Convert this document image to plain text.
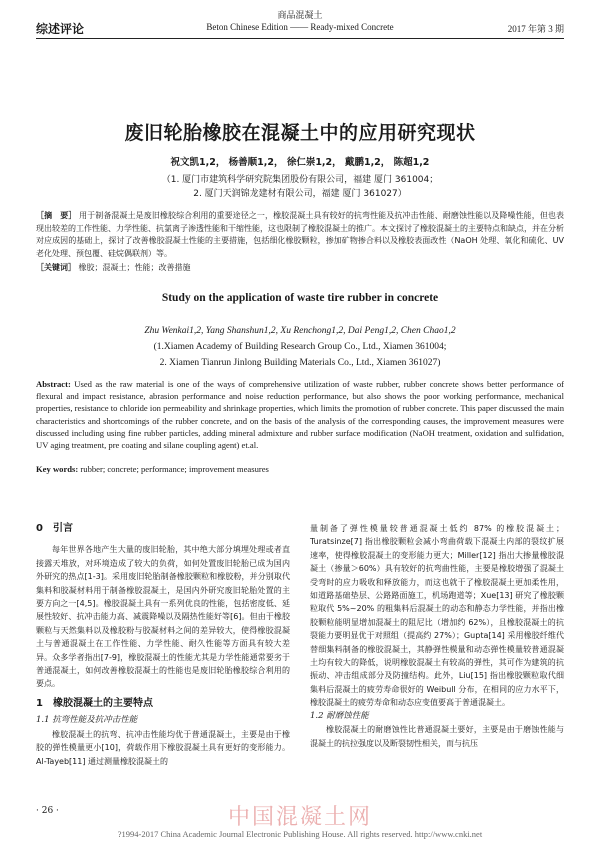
商品混凝土
综述评论	Beton Chinese Edition —— Ready-mixed Concrete	2017 年第 3 期
废旧轮胎橡胶在混凝土中的应用研究现状
祝文凯1,2， 杨善顺1,2， 徐仁崇1,2， 戴鹏1,2， 陈超1,2
（1. 厦门市建筑科学研究院集团股份有限公司，福建 厦门 361004；
2. 厦门天润锦龙建材有限公司，福建 厦门 361027）
［摘　要］ 用于制备混凝土是废旧橡胶综合利用的重要途径之一，橡胶混凝土具有较好的抗弯性能及抗冲击性能、耐磨蚀性能以及降噪性能，但也表现出较差的工作性能、力学性能、抗氯离子渗透性能和干缩性能，这也限制了橡胶混凝土的推广。本文探讨了橡胶混凝土的主要特点和缺点，并在分析对应成因的基础上，探讨了改善橡胶混凝土性能的主要措施，包括细化橡胶颗粒，掺加矿物掺合料以及橡胶表面改性（NaOH 处理、氧化和硫化、UV 老化处理、预包覆、硅烷偶联剂）等。
［关键词］ 橡胶；混凝土；性能；改善措施
Study on the application of waste tire rubber in concrete
Zhu Wenkai1,2, Yang Shanshun1,2, Xu Renchong1,2, Dai Peng1,2, Chen Chao1,2
(1.Xiamen Academy of Building Research Group Co., Ltd., Xiamen 361004;
2. Xiamen Tianrun Jinlong Building Materials Co., Ltd., Xiamen 361027)
Abstract: Used as the raw material is one of the ways of comprehensive utilization of waste rubber, rubber concrete shows better performance of flexural and impact resistance, abrasion performance and noise reduction performance, but also shows the poor working performance, mechanical properties, resistance to chloride ion permeability and shrinkage properties, which limits the promotion of rubber concrete. This paper discussed the main characteristics and shortcomings of the rubber concrete, and on the basis of the analysis of the corresponding causes, the improvement measures were discussed including using fine rubber particles, adding mineral admixture and rubber surface modification (NaOH treatment, oxidation and sulfidation, UV aging treatment, pre coating and silane coupling agent) et.al.
Key words: rubber; concrete; performance; improvement measures
0　引言

每年世界各地产生大量的废旧轮胎，其中绝大部分填埋处理或者直接露天堆放，对环境造成了较大的负荷，如何处置废旧轮胎已成为国内外研究的热点[1-3]。采用废旧轮胎制备橡胶颗粒和橡胶粉，并分别取代集料和胶凝材料用于制备橡胶混凝土，是国内外研究废旧轮胎处置的主要方向之一[4,5]。橡胶混凝土具有一系列优良的性能，包括密度低、延展性较好、抗冲击能力高、减震降噪以及隔热性能好等[6]。但由于橡胶颗粒与天然集料以及橡胶粉与胶凝材料之间的差异较大，使得橡胶混凝土与普通混凝土在工作性能、力学性能、耐久性能等方面具有较大差异。众多学者指出[7-9]，橡胶混凝土的性能尤其是力学性能通常要劣于普通混凝土，如何改善橡胶混凝土的性能也是废旧轮胎橡胶综合利用的要点。

1　橡胶混凝土的主要特点
1.1 抗弯性能及抗冲击性能

橡胶混凝土的抗弯、抗冲击性能均优于普通混凝土，主要是由于橡胶的弹性模量更小[10]，荷载作用下橡胶混凝土具有更好的变形能力。Al-Tayeb[11] 通过测量橡胶混凝土的

量制备了弹性模量较普通混凝土低约 87% 的橡胶混凝土；Turatsinze[7] 指出橡胶颗粒会减小弯曲荷载下混凝土内部的裂纹扩展速率，使得橡胶混凝土的变形能力更大；Miller[12] 指出大掺量橡胶混凝土（掺量＞60%）具有较好的抗弯曲性能，主要是橡胶增强了混凝土受弯时的应力吸收和释放能力，而这也就于了橡胶混凝土更加柔性用，如道路基础垫层、公路路面施工，机场跑道等；Xue[13] 研究了橡胶颗粒取代 5%~20% 的粗集料后混凝土的动态和静态力学性能，并指出橡胶颗粒能明显增加混凝土的阻尼比（增加约 62%），且橡胶混凝土的抗裂能力要明显优于对照组（提高约 27%）；Gupta[14] 采用橡胶纤维代替细集料制备的橡胶混凝土，其静弹性模量和动态弹性模量较普通混凝土均有较大的降低，说明橡胶混凝土有较高的弹性，其可作为建筑的抗振动、冲击组成部分及防撞结构。此外，Liu[15] 指出橡胶颗粒取代细集料后混凝土的疲劳寿命很好的 Weibull 分布，在相同的应力水平下，橡胶混凝土的疲劳寿命和动态应变值要高于普通混凝土。

1.2 耐磨蚀性能

橡胶混凝土的耐磨蚀性比普通混凝土要好，主要是由于磨蚀性能与混凝土的抗拉强度以及断裂韧性相关，而与抗压

中国混凝土网
· 26 ·
?1994-2017 China Academic Journal Electronic Publishing House. All rights reserved. http://www.cnki.net
